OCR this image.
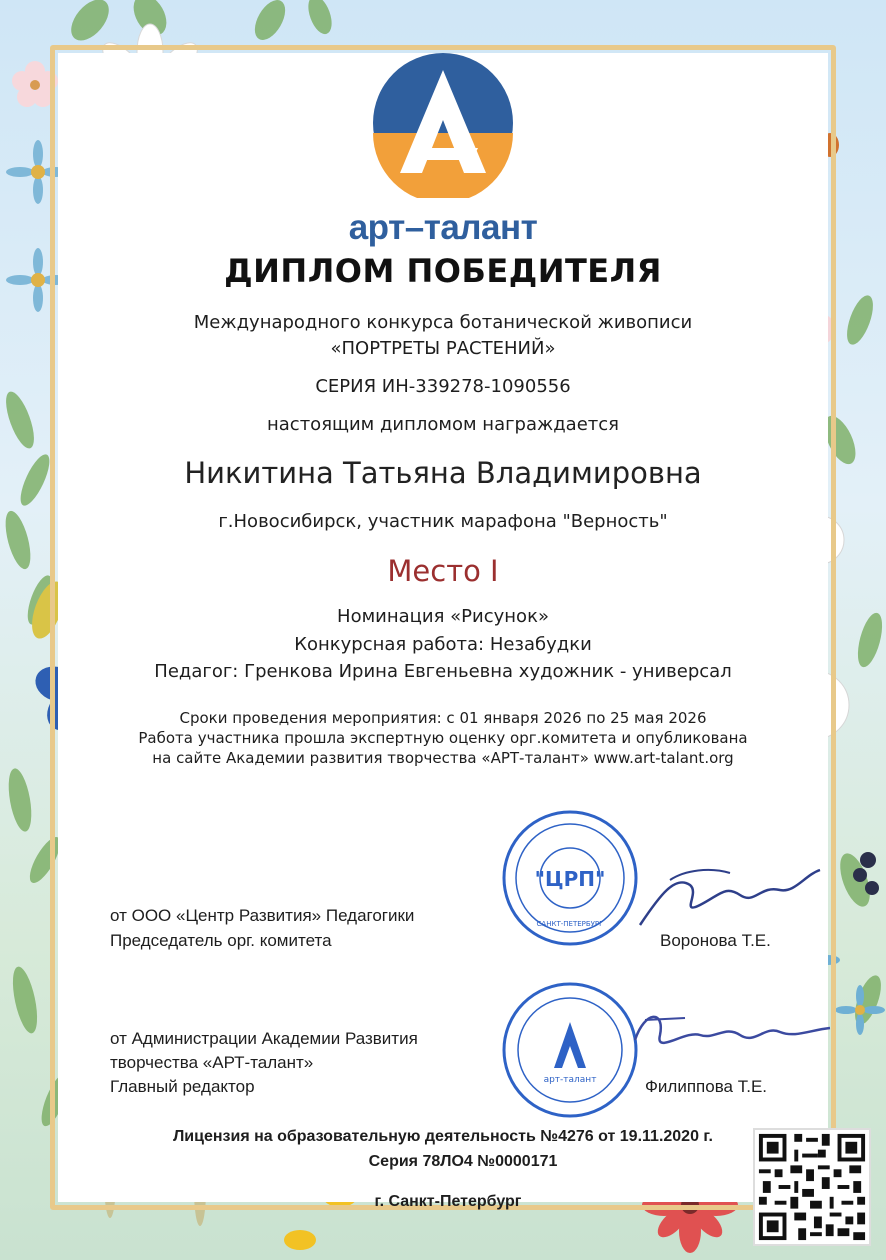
арт–талант
ДИПЛОМ ПОБЕДИТЕЛЯ
Международного конкурса ботанической живописи
«ПОРТРЕТЫ РАСТЕНИЙ»
СЕРИЯ ИН-339278-1090556
настоящим дипломом награждается
Никитина Татьяна Владимировна
г.Новосибирск, участник марафона "Верность"
Место I
Номинация «Рисунок»
Конкурсная работа: Незабудки
Педагог: Гренкова Ирина Евгеньевна художник - универсал
Сроки проведения мероприятия: с 01 января 2026 по 25 мая 2026
Работа участника прошла экспертную оценку орг.комитета и опубликована
на сайте Академии развития творчества «АРТ-талант» www.art-talant.org
от ООО «Центр Развития» Педагогики
Председатель орг. комитета	Воронова Т.Е.
"ЦРП"
САНКТ-ПЕТЕРБУРГ
от Администрации Академии Развития
творчества «АРТ-талант»
Главный редактор	Филиппова Т.Е.
арт-талант
Лицензия на образовательную деятельность №4276 от 19.11.2020 г.
Серия 78ЛО4 №0000171
г. Санкт-Петербург
